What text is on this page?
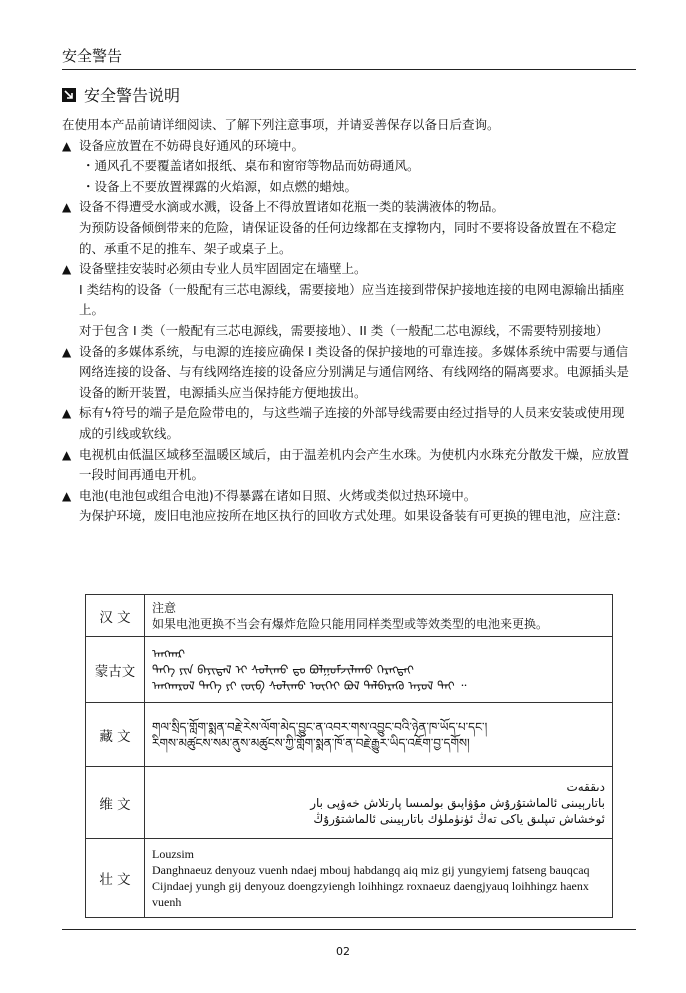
安全警告
安全警告说明

在使用本产品前请详细阅读、了解下列注意事项，并请妥善保存以备日后查询。

▲ 设备应放置在不妨碍良好通风的环境中。

・通风孔不要覆盖诸如报纸、桌布和窗帘等物品而妨碍通风。

・设备上不要放置裸露的火焰源，如点燃的蜡烛。

▲ 设备不得遭受水滴或水溅，设备上不得放置诸如花瓶一类的装满液体的物品。

为预防设备倾倒带来的危险，请保证设备的任何边缘都在支撑物内，同时不要将设备放置在不稳定的、承重不足的推车、架子或桌子上。

▲ 设备壁挂安装时必须由专业人员牢固固定在墙壁上。

I 类结构的设备（一般配有三芯电源线，需要接地）应当连接到带保护接地连接的电网电源输出插座上。

对于包含 I 类（一般配有三芯电源线，需要接地）、II 类（一般配二芯电源线，不需要特别接地）

▲ 设备的多媒体系统，与电源的连接应确保 I 类设备的保护接地的可靠连接。多媒体系统中需要与通信网络连接的设备、与有线网络连接的设备应分别满足与通信网络、有线网络的隔离要求。电源插头是设备的断开装置，电源插头应当保持能方便地拔出。
▲ 标有ϟ符号的端子是危险带电的，与这些端子连接的外部导线需要由经过指导的人员来安装或使用现成的引线或软线。
▲ 电视机由低温区域移至温暖区域后，由于温差机内会产生水珠。为使机内水珠充分散发干燥，应放置一段时间再通电开机。
▲ 电池(电池包或组合电池)不得暴露在诸如日照、火烤或类似过热环境中。

为保护环境，废旧电池应按所在地区执行的回收方式处理。如果设备装有可更换的锂电池，应注意:

汉 文	注意
如果电池更换不当会有爆炸危险只能用同样类型或等效类型的电池来更换。

蒙古文	ᠠᠨᠭᠬᠠᠷ
ᠲᠡᠭᠡ ᠶᠢᠨ ᠪᠠᠶᠢᠳᠠᠯ ᠢ ᠰᠣᠯᠢᠬᠤ ᠳᠤ ᠪᠣᠯᠭᠣᠮᠵᠢᠯᠠᠬᠤ ᠬᠡᠷᠡᠭᠲᠡᠢ
ᠠᠨᠭᠬᠠᠷᠤᠯ ᠲᠡᠭᠡ ᠶᠢ ᠵᠥᠪ ᠰᠣᠯᠢᠬᠤ ᠦᠭᠡᠢ ᠪᠣᠯ ᠳᠡᠯᠪᠡᠷᠡᠬᠦ ᠠᠶᠤᠯ ᠲᠠᠢ ᠃

藏 文	གལ་སྲིད་གློག་སྨན་བརྗེ་རེས་ལོག་མེད་བྱུང་ན་འབར་གས་འབྱུང་བའི་ཉེན་ཁ་ཡོད་པ་དང་།
རིགས་མཚུངས་སམ་ནུས་མཚུངས་ཀྱི་གློག་སྨན་ཁོ་ན་བརྗེ་རྒྱུར་ཡིད་འཇོག་བྱ་དགོས།

维 文	دىققەت
باتارېيىنى ئالماشتۇرۇش مۇۋاپىق بولمىسا پارتلاش خەۋپى بار
ئوخشاش تىپلىق ياكى تەڭ ئۈنۈملۈك باتارېيىنى ئالماشتۇرۇڭ

壮 文	Louzsim
Danghnaeuz denyouz vuenh ndaej mbouj habdangq aiq miz gij yungyiemj fatseng bauqcaq
Cijndaej yungh gij denyouz doengzyiengh loihhingz roxnaeuz daengjyauq loihhingz haenx vuenh
02
